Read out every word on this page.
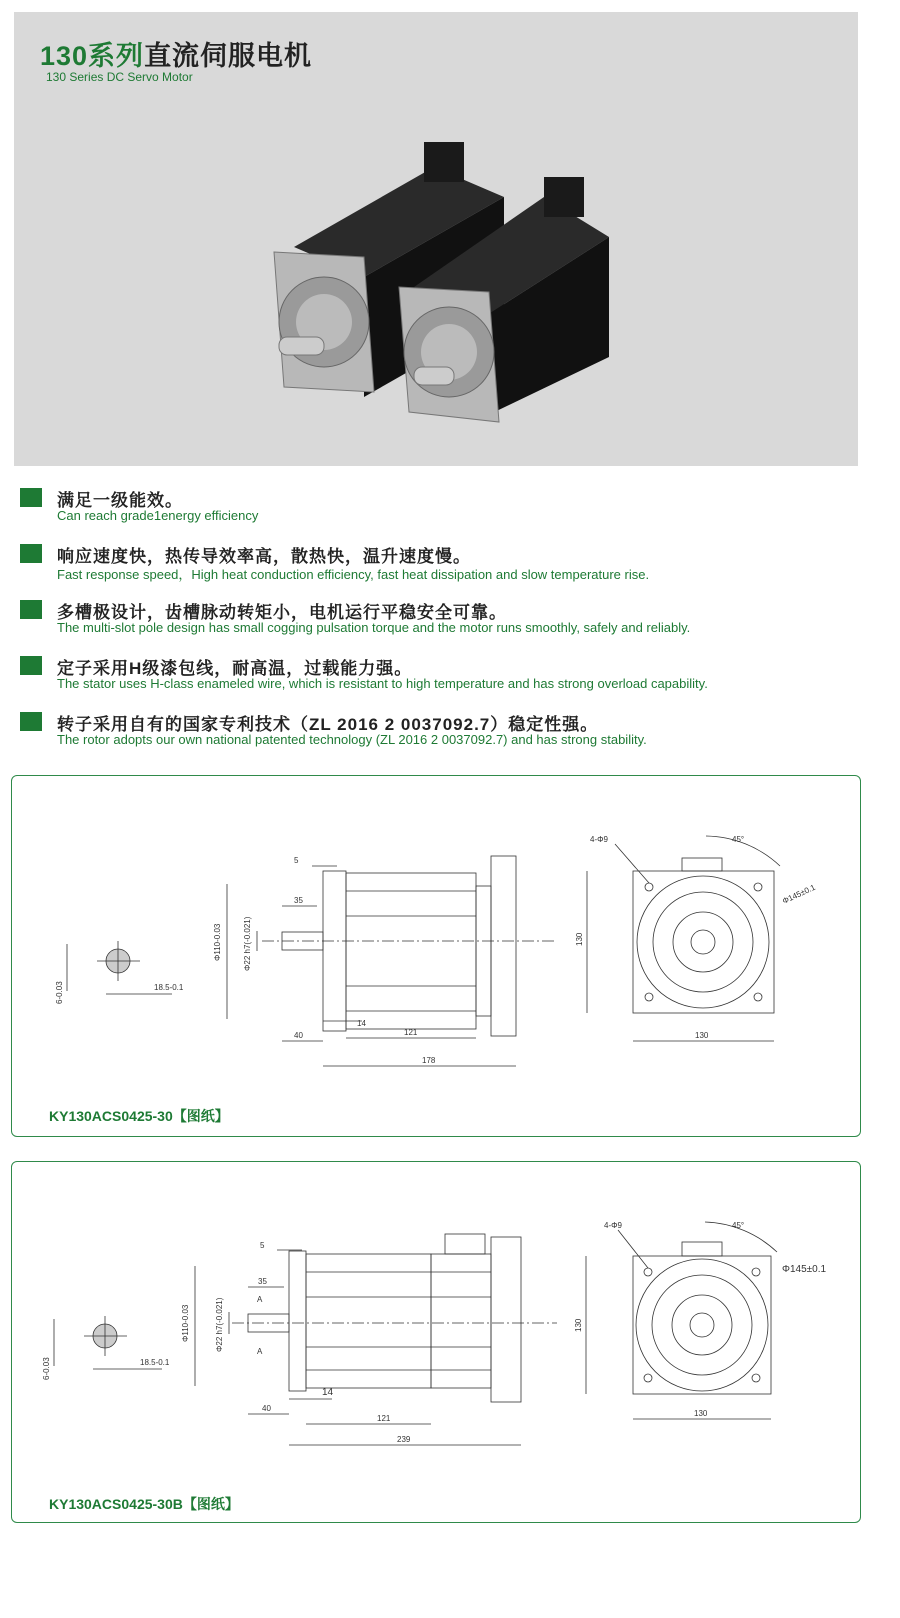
130系列直流伺服电机
130 Series DC Servo Motor
满足一级能效。
Can reach grade1energy efficiency
响应速度快，热传导效率高，散热快，温升速度慢。
Fast response speed，High heat conduction efficiency, fast heat dissipation and slow temperature rise.
多槽极设计，齿槽脉动转矩小，电机运行平稳安全可靠。
The multi-slot pole design has small cogging pulsation torque and the motor runs smoothly, safely and reliably.
定子采用H级漆包线，耐高温，过载能力强。
The stator uses H-class enameled wire, which is resistant to high temperature and has strong overload capability.
转子采用自有的国家专利技术（ZL 2016 2 0037092.7）稳定性强。
The rotor adopts our own national patented technology (ZL 2016 2 0037092.7) and has strong stability.
6-0.03	18.5-0.1
Φ110-0.03	Φ22 h7(-0.021)
5
35
40
14
121
178
130
130
4-Φ9	45°
Φ145±0.1
KY130ACS0425-30【图纸】
6-0.03	18.5-0.1
A
A
Φ110-0.03	Φ22 h7(-0.021)
5
35
40
14
121
239
130
130
4-Φ9	45°
Φ145±0.1
KY130ACS0425-30B【图纸】
